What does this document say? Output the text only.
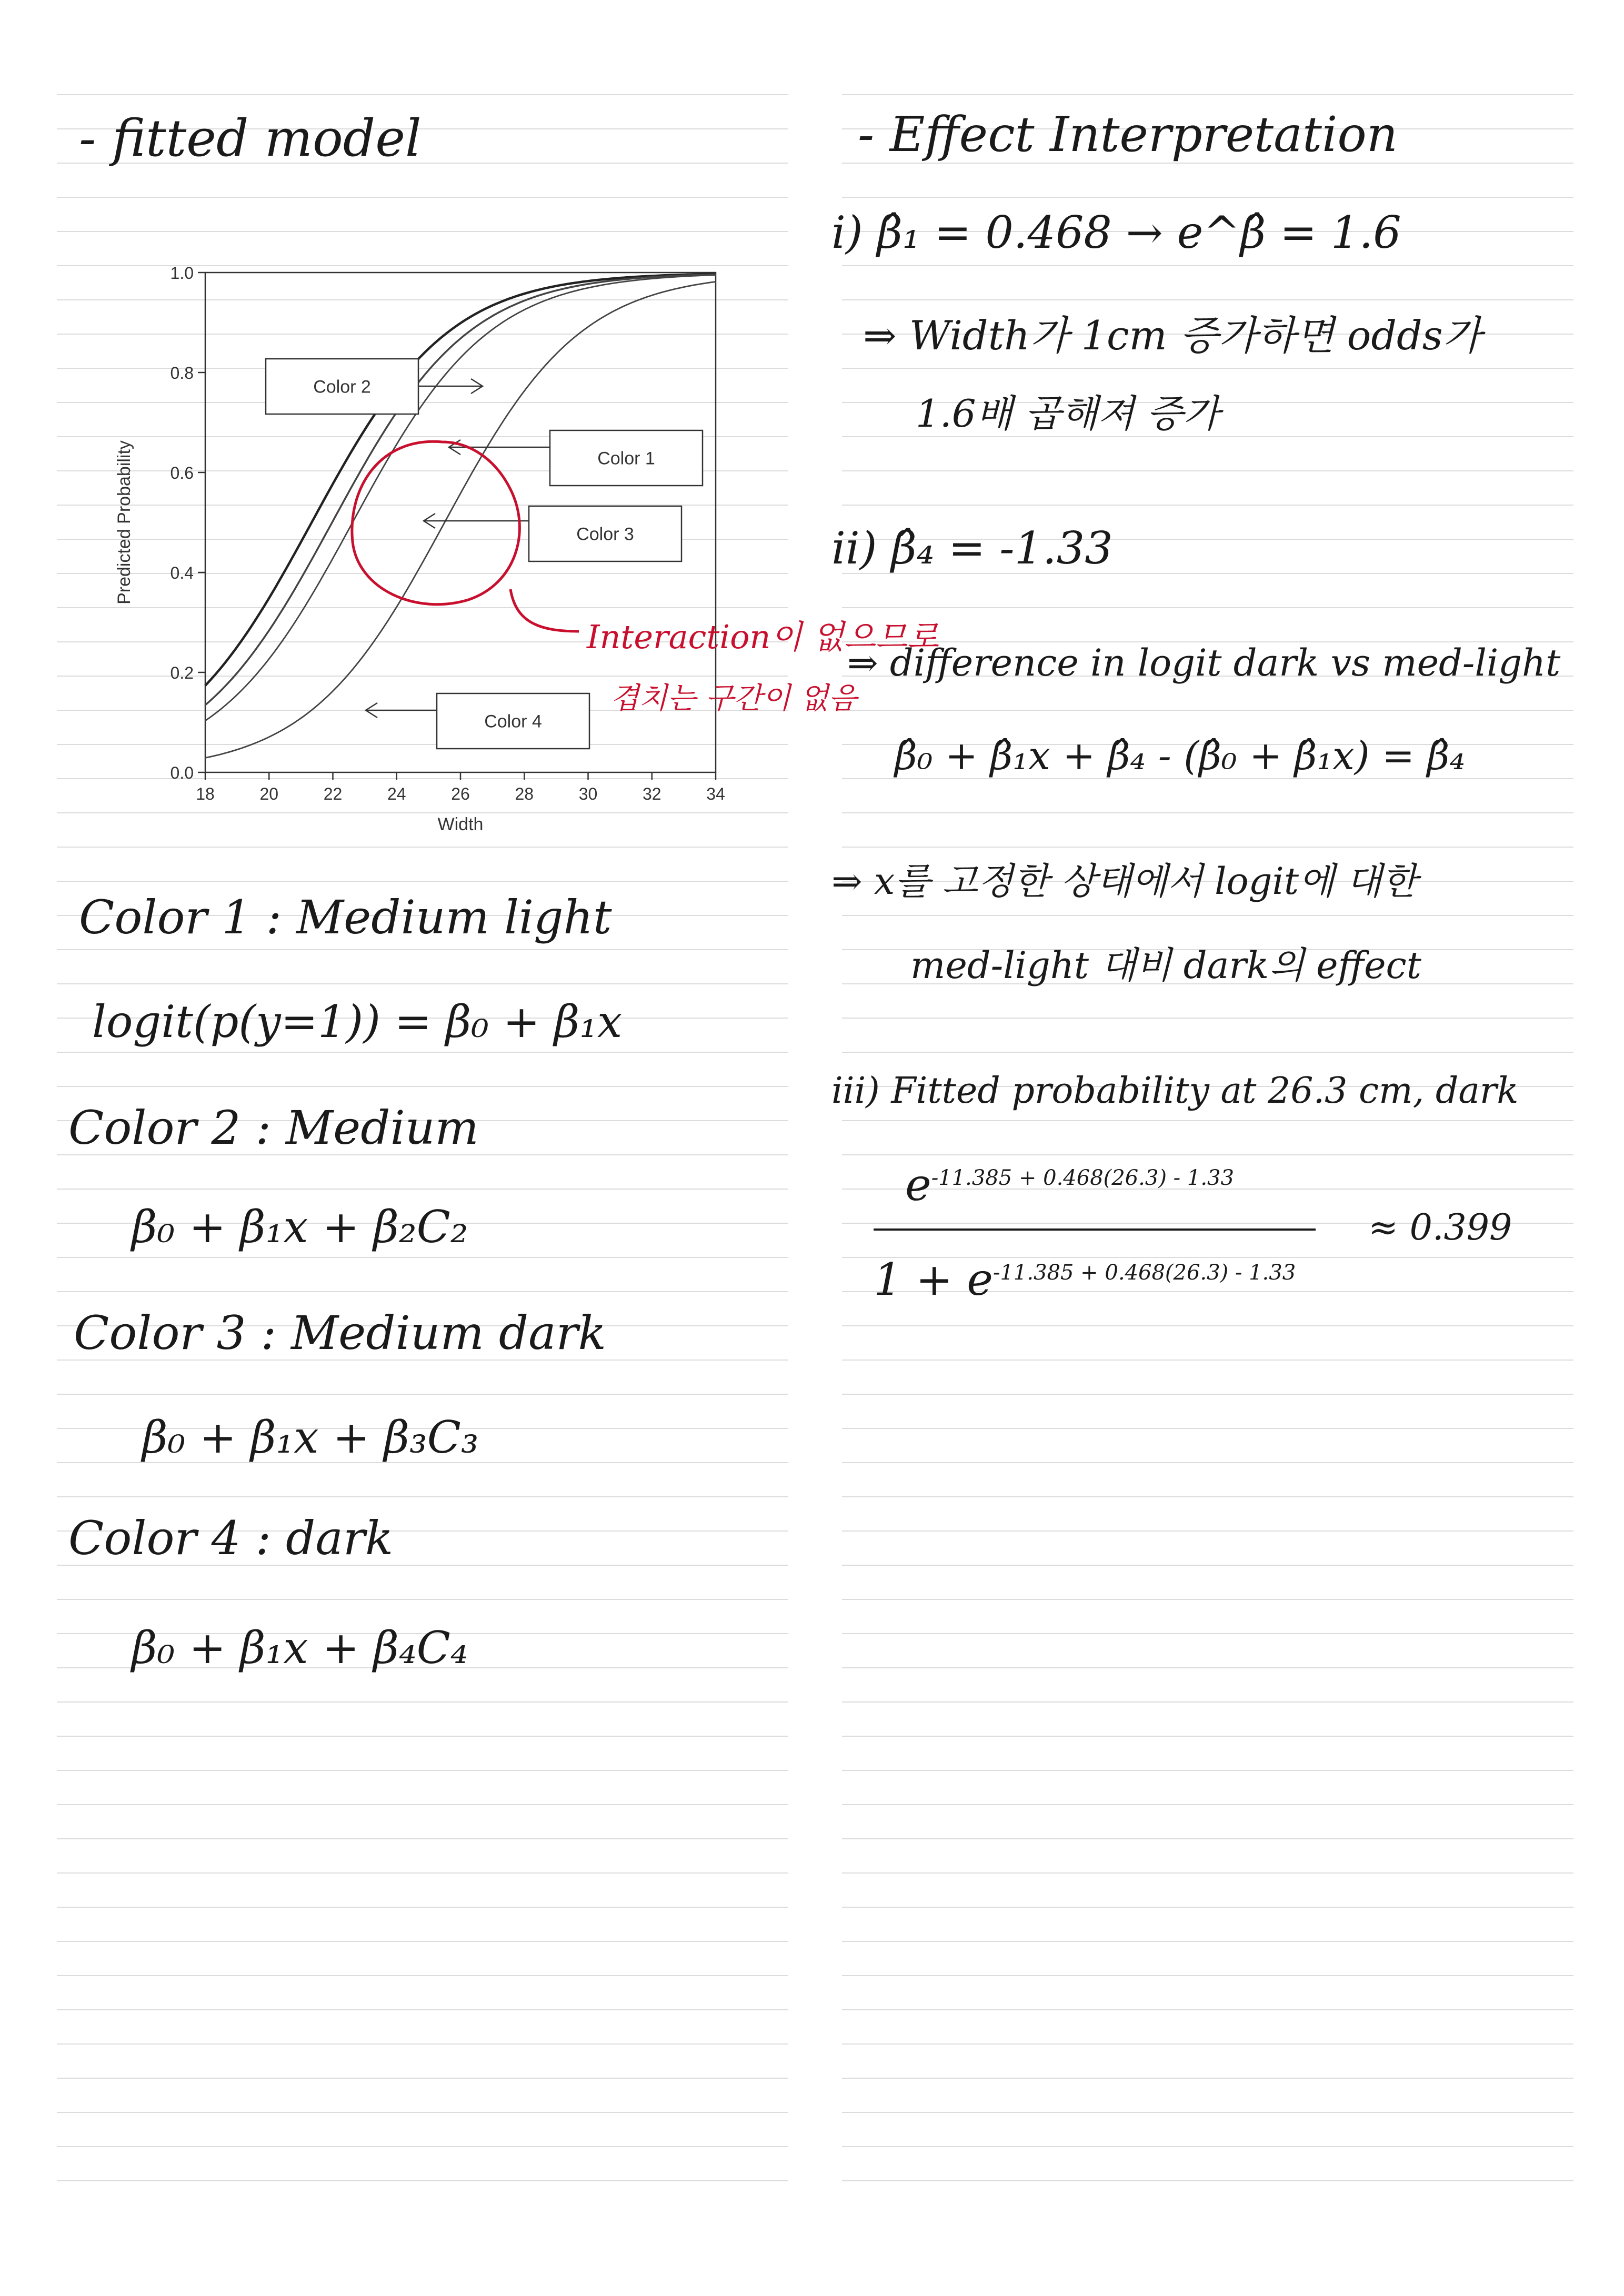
- fitted model
0.0
0.2
0.4
0.6
0.8
1.0
18	20	22	24	26	28	30	32	34
Width
Predicted Probability
Color 2
Color 1
Color 3
Color 4
Interaction이 없으므로
겹치는 구간이 없음
Color 1 : Medium light
logit(p(y=1)) = β₀ + β₁x
Color 2 : Medium
β₀ + β₁x + β₂C₂
Color 3 : Medium dark
β₀ + β₁x + β₃C₃
Color 4 : dark
β₀ + β₁x + β₄C₄
- Effect Interpretation
i) β̂₁ = 0.468 → e^β̂ = 1.6
⇒ Width가 1cm 증가하면 odds가
1.6배 곱해져 증가
ii) β̂₄ = -1.33
⇒ difference in logit dark vs med-light
β̂₀ + β̂₁x + β̂₄ - (β̂₀ + β̂₁x) = β̂₄
⇒ x를 고정한 상태에서 logit에 대한
med-light 대비 dark의 effect
iii) Fitted probability at 26.3 cm, dark
$e^{-11.385 + 0.468(26.3) - 1.33}$
$1 + e^{-11.385 + 0.468(26.3) - 1.33}$
≈ 0.399
